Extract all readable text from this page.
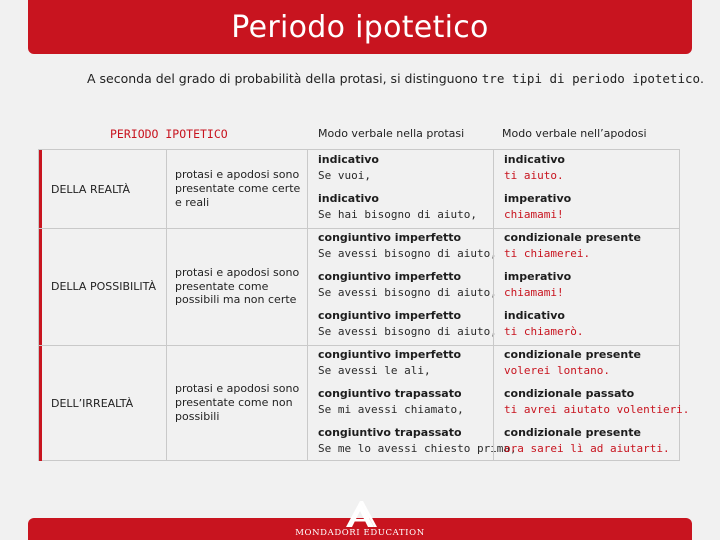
Periodo ipotetico

A seconda del grado di probabilità della protasi, si distinguono tre tipi di periodo ipotetico.

PERIODO IPOTETICO	Modo verbale nella protasi	Modo verbale nell’apodosi
DELLA REALTÀ
protasi e apodosi sono presentate come certe e reali
DELLA POSSIBILITÀ
protasi e apodosi sono presentate come possibili ma non certe
DELL’IRREALTÀ
protasi e apodosi sono presentate come non possibili
indicativo
Se vuoi,
indicativo
ti aiuto.
indicativo
Se hai bisogno di aiuto,
imperativo
chiamami!
congiuntivo imperfetto
Se avessi bisogno di aiuto,
condizionale presente
ti chiamerei.
congiuntivo imperfetto
Se avessi bisogno di aiuto,
imperativo
chiamami!
congiuntivo imperfetto
Se avessi bisogno di aiuto,
indicativo
ti chiamerò.
congiuntivo imperfetto
Se avessi le ali,
condizionale presente
volerei lontano.
congiuntivo trapassato
Se mi avessi chiamato,
condizionale passato
ti avrei aiutato volentieri.
congiuntivo trapassato
Se me lo avessi chiesto prima,
condizionale presente
ora sarei lì ad aiutarti.
MONDADORI EDUCATION
